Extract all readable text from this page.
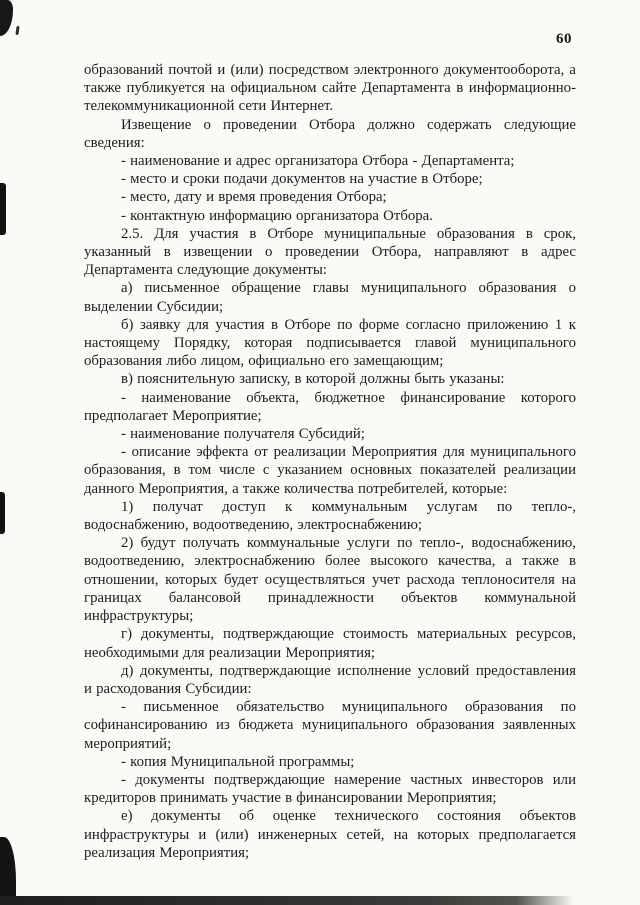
60

образований почтой и (или) посредством электронного документооборота, а также публикуется на официальном сайте Департамента в информационно-телекоммуникационной сети Интернет.

Извещение о проведении Отбора должно содержать следующие сведения:

- наименование и адрес организатора Отбора - Департамента;

- место и сроки подачи документов на участие в Отборе;

- место, дату и время проведения Отбора;

- контактную информацию организатора Отбора.

2.5. Для участия в Отборе муниципальные образования в срок, указанный в извещении о проведении Отбора, направляют в адрес Департамента следующие документы:

а) письменное обращение главы муниципального образования о выделении Субсидии;

б) заявку для участия в Отборе по форме согласно приложению 1 к настоящему Порядку, которая подписывается главой муниципального образования либо лицом, официально его замещающим;

в) пояснительную записку, в которой должны быть указаны:

- наименование объекта, бюджетное финансирование которого предполагает Мероприятие;

- наименование получателя Субсидий;

- описание эффекта от реализации Мероприятия для муниципального образования, в том числе с указанием основных показателей реализации данного Мероприятия, а также количества потребителей, которые:

1) получат доступ к коммунальным услугам по тепло-, водоснабжению, водоотведению, электроснабжению;

2) будут получать коммунальные услуги по тепло-, водоснабжению, водоотведению, электроснабжению более высокого качества, а также в отношении, которых будет осуществляться учет расхода теплоносителя на границах балансовой принадлежности объектов коммунальной инфраструктуры;

г) документы, подтверждающие стоимость материальных ресурсов, необходимыми для реализации Мероприятия;

д) документы, подтверждающие исполнение условий предоставления и расходования Субсидии:

- письменное обязательство муниципального образования по софинансированию из бюджета муниципального образования заявленных мероприятий;

- копия Муниципальной программы;

- документы подтверждающие намерение частных инвесторов или кредиторов принимать участие в финансировании Мероприятия;

е) документы об оценке технического состояния объектов инфраструктуры и (или) инженерных сетей, на которых предполагается реализация Мероприятия;
